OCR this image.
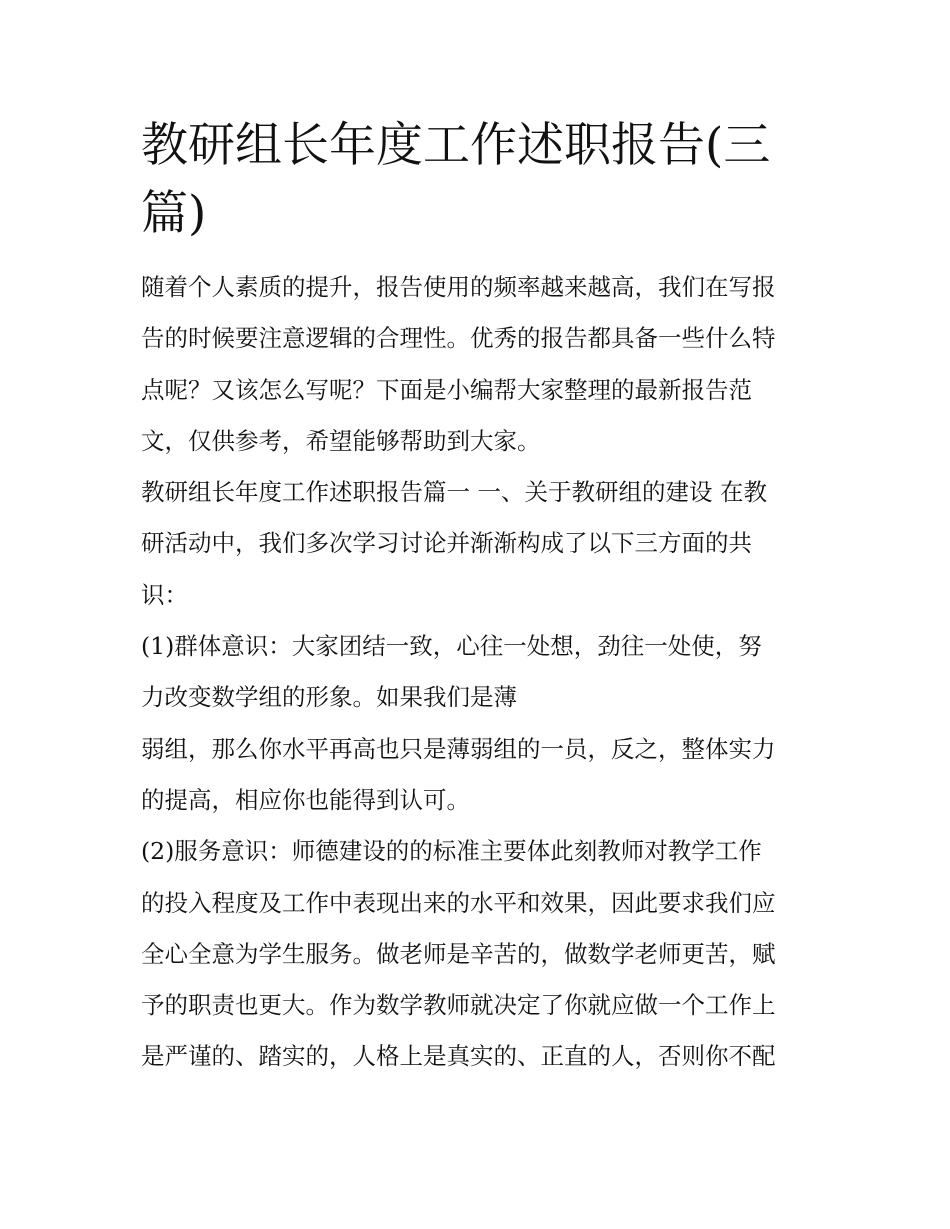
教研组长年度工作述职报告(三
篇)
随着个人素质的提升，报告使用的频率越来越高，我们在写报
告的时候要注意逻辑的合理性。优秀的报告都具备一些什么特
点呢？又该怎么写呢？下面是小编帮大家整理的最新报告范
文，仅供参考，希望能够帮助到大家。
教研组长年度工作述职报告篇一 一、关于教研组的建设 在教
研活动中，我们多次学习讨论并渐渐构成了以下三方面的共
识：
(1)群体意识：大家团结一致，心往一处想，劲往一处使，努
力改变数学组的形象。如果我们是薄
弱组，那么你水平再高也只是薄弱组的一员，反之，整体实力
的提高，相应你也能得到认可。
(2)服务意识：师德建设的的标准主要体此刻教师对教学工作
的投入程度及工作中表现出来的水平和效果，因此要求我们应
全心全意为学生服务。做老师是辛苦的，做数学老师更苦，赋
予的职责也更大。作为数学教师就决定了你就应做一个工作上
是严谨的、踏实的，人格上是真实的、正直的人，否则你不配
